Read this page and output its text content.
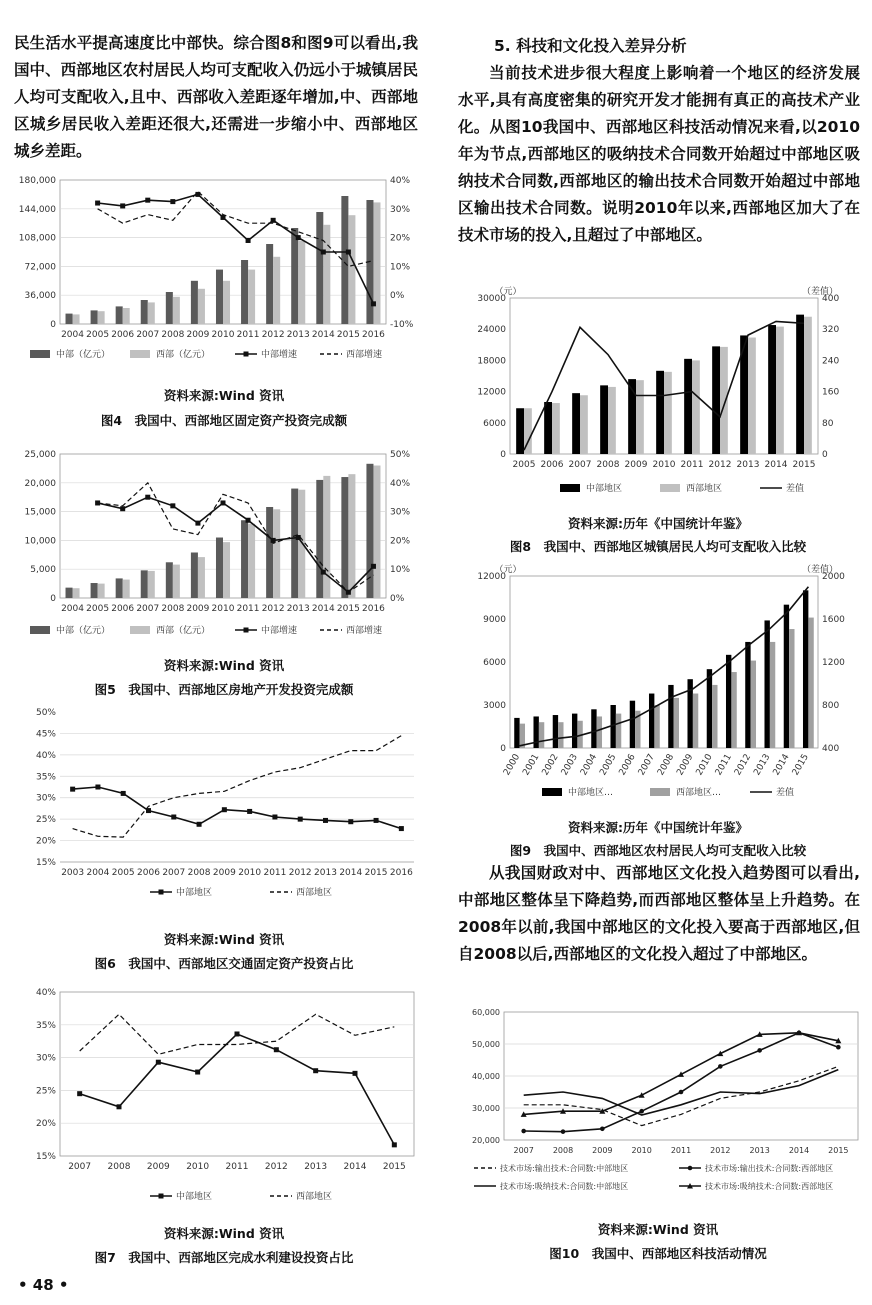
民生活水平提高速度比中部快。综合图8和图9可以看出,我国中、西部地区农村居民人均可支配收入仍远小于城镇居民人均可支配收入,且中、西部收入差距逐年增加,中、西部地区城乡居民收入差距还很大,还需进一步缩小中、西部地区城乡差距。

5. 科技和文化投入差异分析

当前技术进步很大程度上影响着一个地区的经济发展水平,具有高度密集的研究开发才能拥有真正的高技术产业化。从图10我国中、西部地区科技活动情况来看,以2010年为节点,西部地区的吸纳技术合同数开始超过中部地区吸纳技术合同数,西部地区的输出技术合同数开始超过中部地区输出技术合同数。说明2010年以来,西部地区加大了在技术市场的投入,且超过了中部地区。

从我国财政对中、西部地区文化投入趋势图可以看出,中部地区整体呈下降趋势,而西部地区整体呈上升趋势。在2008年以前,我国中部地区的文化投入要高于西部地区,但自2008以后,西部地区的文化投入超过了中部地区。

0
36,000
72,000
108,000
144,000
180,000
-10%
0%
10%
20%
30%
40%
2004 2005 2006 2007 2008 2009 2010 2011 2012 2013 2014 2015 2016
中部（亿元）	西部（亿元）	中部增速	西部增速
资料来源:Wind 资讯
图4　我国中、西部地区固定资产投资完成额
0
5,000
10,000
15,000
20,000
25,000
0%
10%
20%
30%
40%
50%
2004 2005 2006 2007 2008 2009 2010 2011 2012 2013 2014 2015 2016
中部（亿元）	西部（亿元）	中部增速	西部增速
资料来源:Wind 资讯
图5　我国中、西部地区房地产开发投资完成额
15%
20%
25%
30%
35%
40%
45%
50%
2003 2004 2005 2006 2007 2008 2009 2010 2011 2012 2013 2014 2015 2016
中部地区	西部地区
资料来源:Wind 资讯
图6　我国中、西部地区交通固定资产投资占比
15%
20%
25%
30%
35%
40%
2007 2008 2009 2010 2011 2012 2013 2014 2015
中部地区	西部地区
资料来源:Wind 资讯
图7　我国中、西部地区完成水利建设投资占比
0
6000
12000
18000
24000
30000
0
80
160
240
320
400
（元）	（差值）
2005 2006 2007 2008 2009 2010 2011 2012 2013 2014 2015
中部地区	西部地区	差值
资料来源:历年《中国统计年鉴》
图8　我国中、西部地区城镇居民人均可支配收入比较
0
3000
6000
9000
12000
400
800
1200
1600
2000
（元）	（差值）
2000 2001 2002 2003 2004 2005 2006 2007 2008 2009 2010 2011 2012 2013 2014 2015
中部地区…	西部地区…	差值
资料来源:历年《中国统计年鉴》
图9　我国中、西部地区农村居民人均可支配收入比较
20,000
30,000
40,000
50,000
60,000
2007 2008 2009 2010 2011 2012 2013 2014 2015
技术市场:输出技术:合同数:中部地区	技术市场:输出技术:合同数:西部地区
技术市场:吸纳技术:合同数:中部地区	技术市场:吸纳技术:合同数:西部地区
资料来源:Wind 资讯
图10　我国中、西部地区科技活动情况
• 48 •
